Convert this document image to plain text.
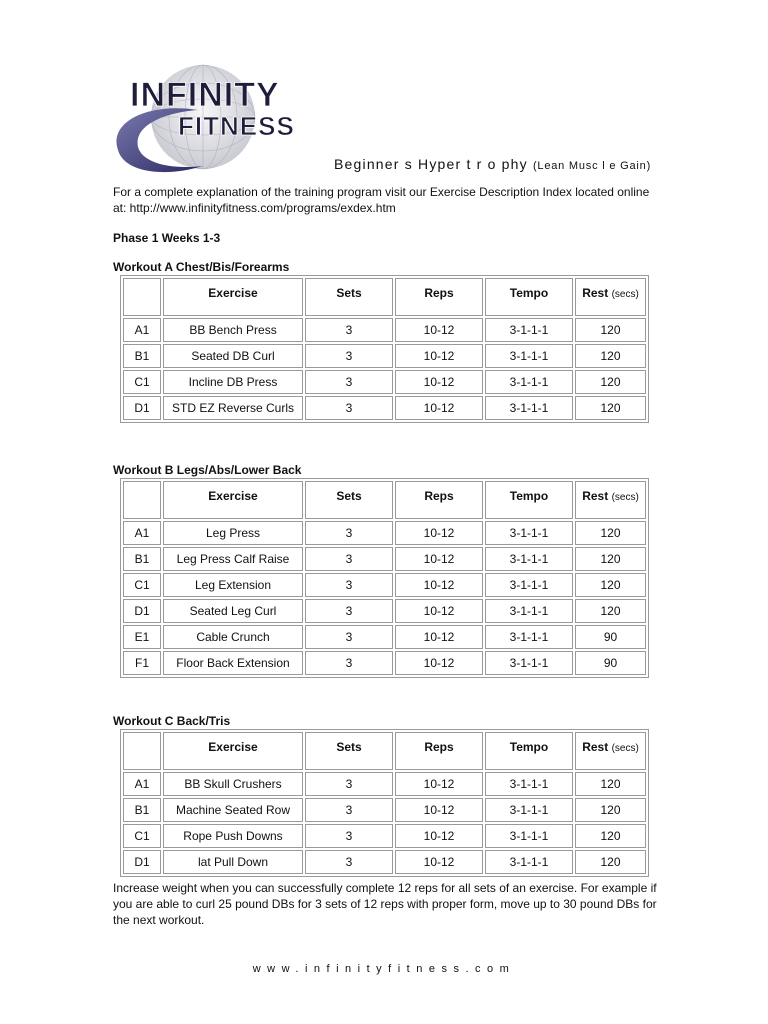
INFINITY
FITNESS
Beginner s Hyper t r o phy (Lean Musc l e Gain)

For a complete explanation of the training program visit our Exercise Description Index located online at: http://www.infinityfitness.com/programs/exdex.htm

Phase 1 Weeks 1-3
Workout A Chest/Bis/Forearms
Workout B Legs/Abs/Lower Back
Workout C Back/Tris
	Exercise	Sets	Reps	Tempo	Rest (secs)
A1	BB Bench Press	3	10-12	3-1-1-1	120
B1	Seated DB Curl	3	10-12	3-1-1-1	120
C1	Incline DB Press	3	10-12	3-1-1-1	120
D1	STD EZ Reverse Curls	3	10-12	3-1-1-1	120
	Exercise	Sets	Reps	Tempo	Rest (secs)
A1	Leg Press	3	10-12	3-1-1-1	120
B1	Leg Press Calf Raise	3	10-12	3-1-1-1	120
C1	Leg Extension	3	10-12	3-1-1-1	120
D1	Seated Leg Curl	3	10-12	3-1-1-1	120
E1	Cable Crunch	3	10-12	3-1-1-1	90
F1	Floor Back Extension	3	10-12	3-1-1-1	90
	Exercise	Sets	Reps	Tempo	Rest (secs)
A1	BB Skull Crushers	3	10-12	3-1-1-1	120
B1	Machine Seated Row	3	10-12	3-1-1-1	120
C1	Rope Push Downs	3	10-12	3-1-1-1	120
D1	lat Pull Down	3	10-12	3-1-1-1	120

Increase weight when you can successfully complete 12 reps for all sets of an exercise. For example if you are able to curl 25 pound DBs for 3 sets of 12 reps with proper form, move up to 30 pound DBs for the next workout.

www.infinityfitness.com
